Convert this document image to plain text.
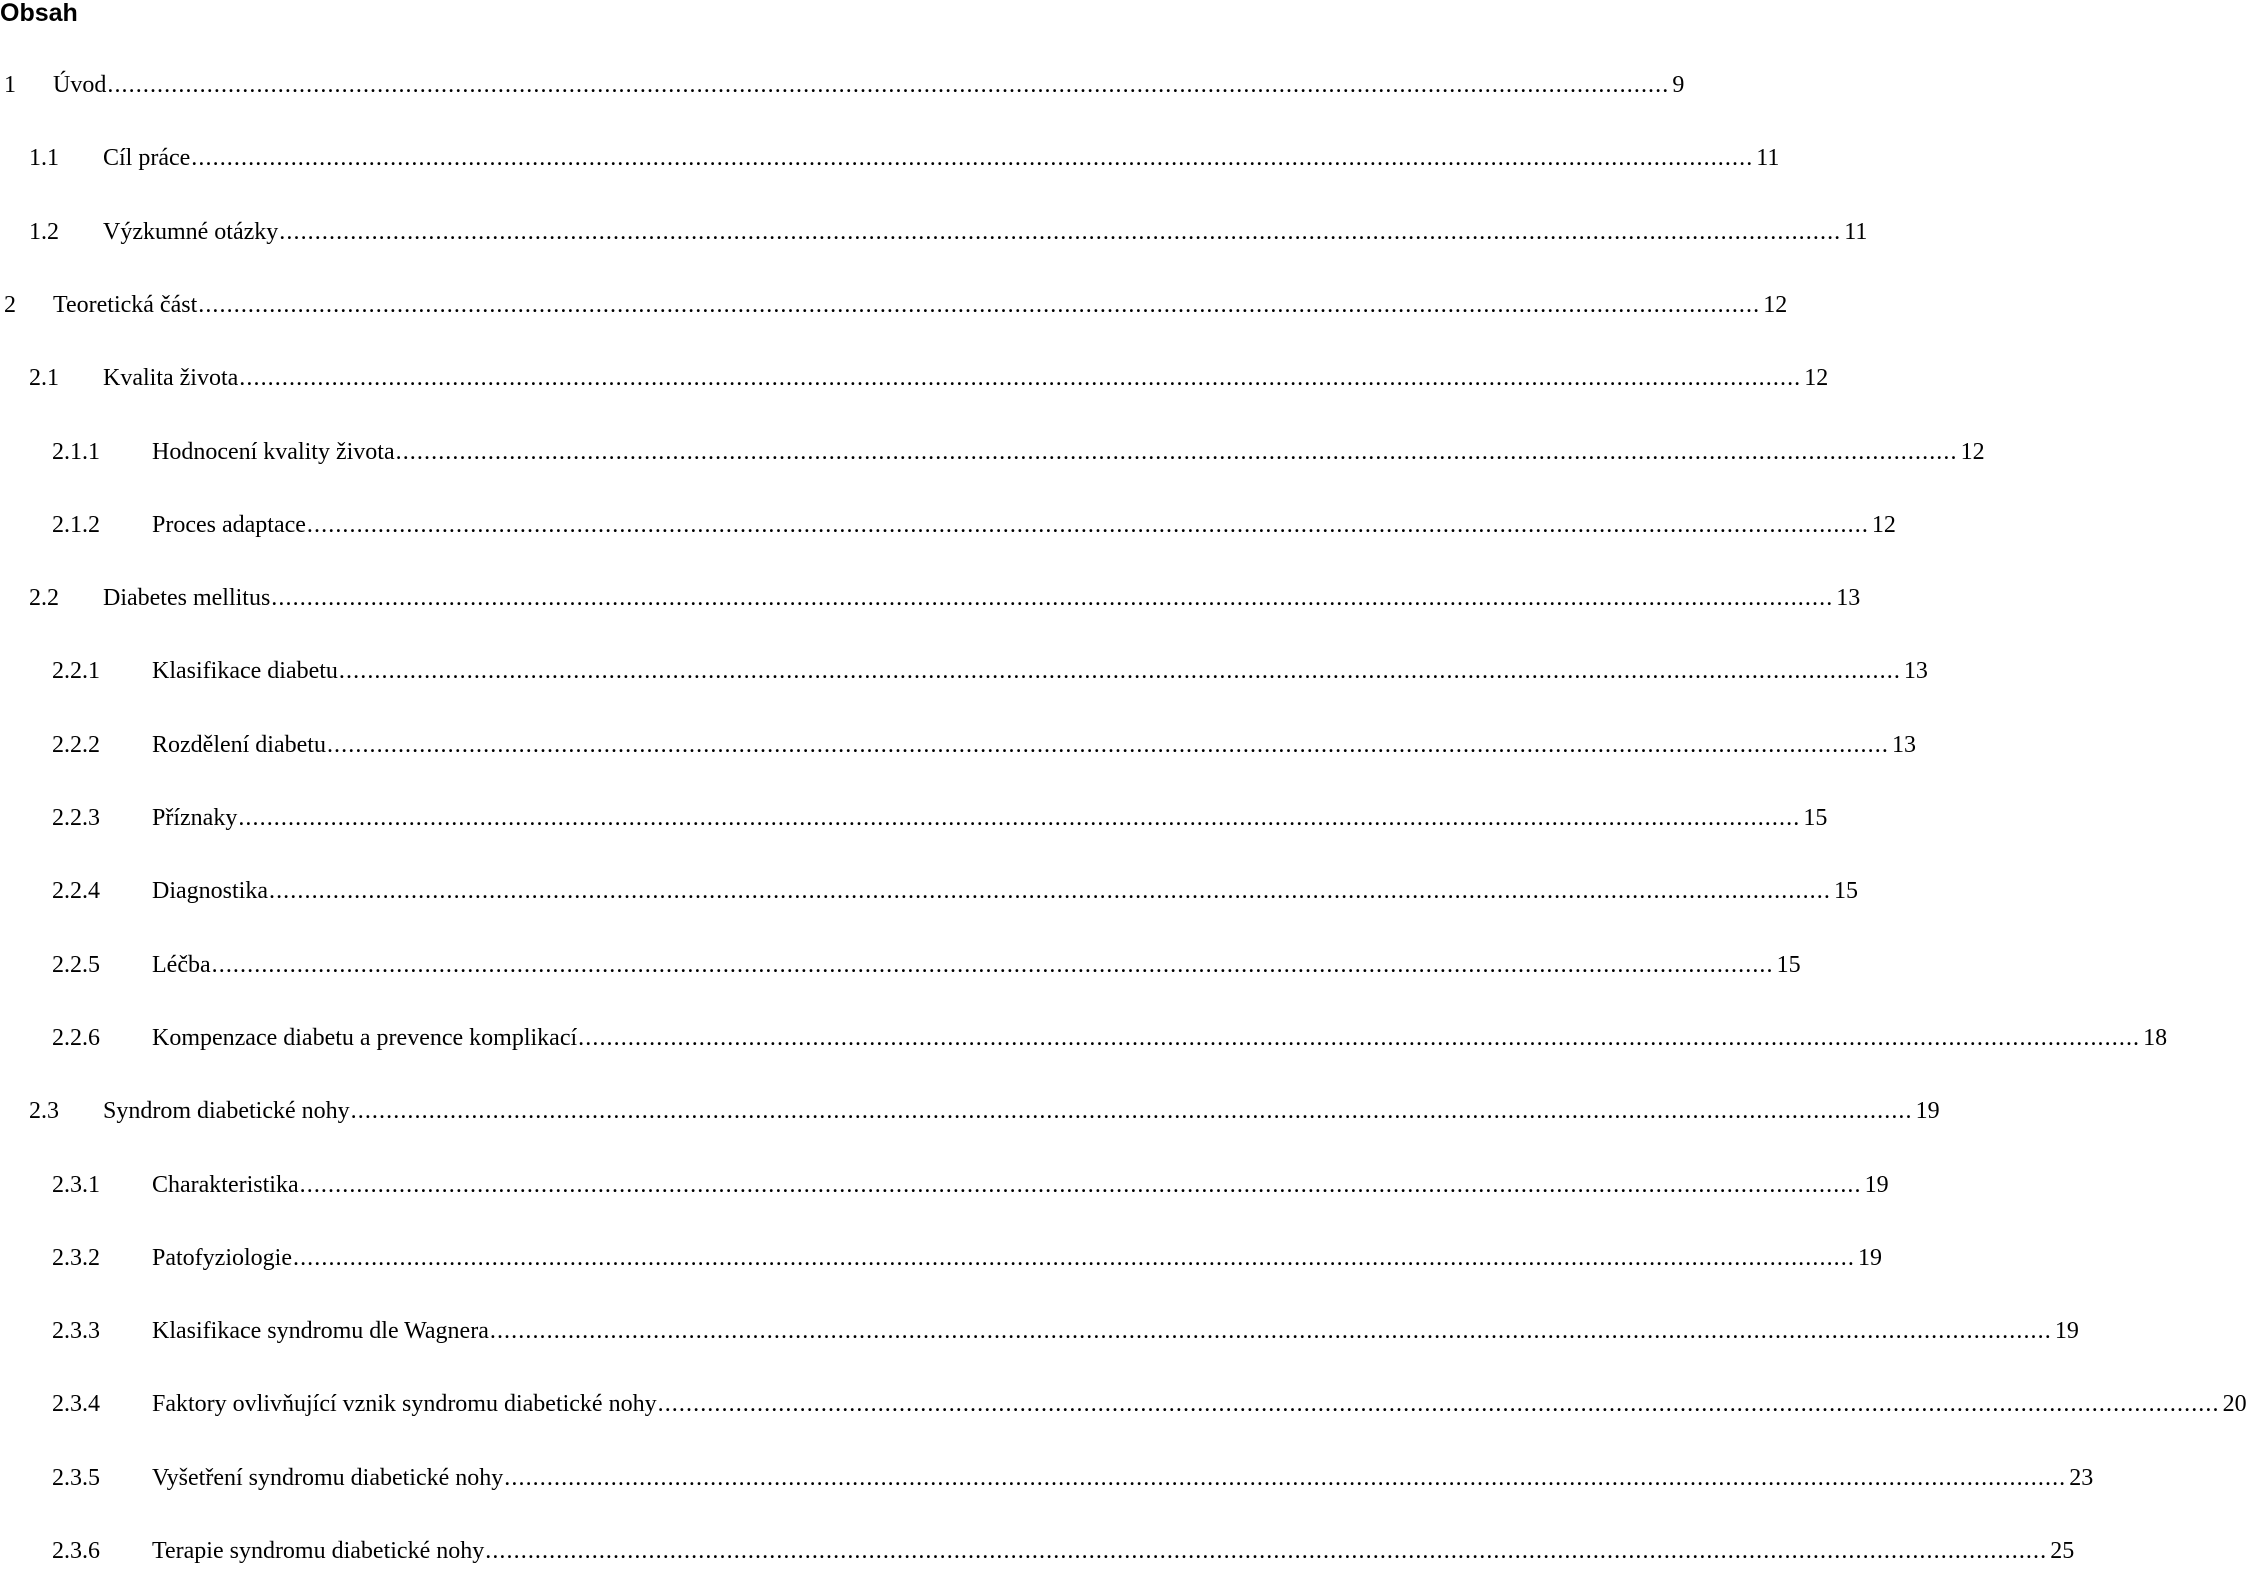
Obsah
1 Úvod ............................................................................................................................................................................................................................ 9
1.1 Cíl práce ............................................................................................................................................................................................................................ 11
1.2 Výzkumné otázky ............................................................................................................................................................................................................................ 11
2 Teoretická část ............................................................................................................................................................................................................................ 12
2.1 Kvalita života ............................................................................................................................................................................................................................ 12
2.1.1 Hodnocení kvality života ............................................................................................................................................................................................................................ 12
2.1.2 Proces adaptace ............................................................................................................................................................................................................................ 12
2.2 Diabetes mellitus ............................................................................................................................................................................................................................ 13
2.2.1 Klasifikace diabetu ............................................................................................................................................................................................................................ 13
2.2.2 Rozdělení diabetu ............................................................................................................................................................................................................................ 13
2.2.3 Příznaky ............................................................................................................................................................................................................................ 15
2.2.4 Diagnostika ............................................................................................................................................................................................................................ 15
2.2.5 Léčba ............................................................................................................................................................................................................................ 15
2.2.6 Kompenzace diabetu a prevence komplikací ............................................................................................................................................................................................................................ 18
2.3 Syndrom diabetické nohy ............................................................................................................................................................................................................................ 19
2.3.1 Charakteristika ............................................................................................................................................................................................................................ 19
2.3.2 Patofyziologie ............................................................................................................................................................................................................................ 19
2.3.3 Klasifikace syndromu dle Wagnera ............................................................................................................................................................................................................................ 19
2.3.4 Faktory ovlivňující vznik syndromu diabetické nohy ............................................................................................................................................................................................................................ 20
2.3.5 Vyšetření syndromu diabetické nohy ............................................................................................................................................................................................................................ 23
2.3.6 Terapie syndromu diabetické nohy ............................................................................................................................................................................................................................ 25
